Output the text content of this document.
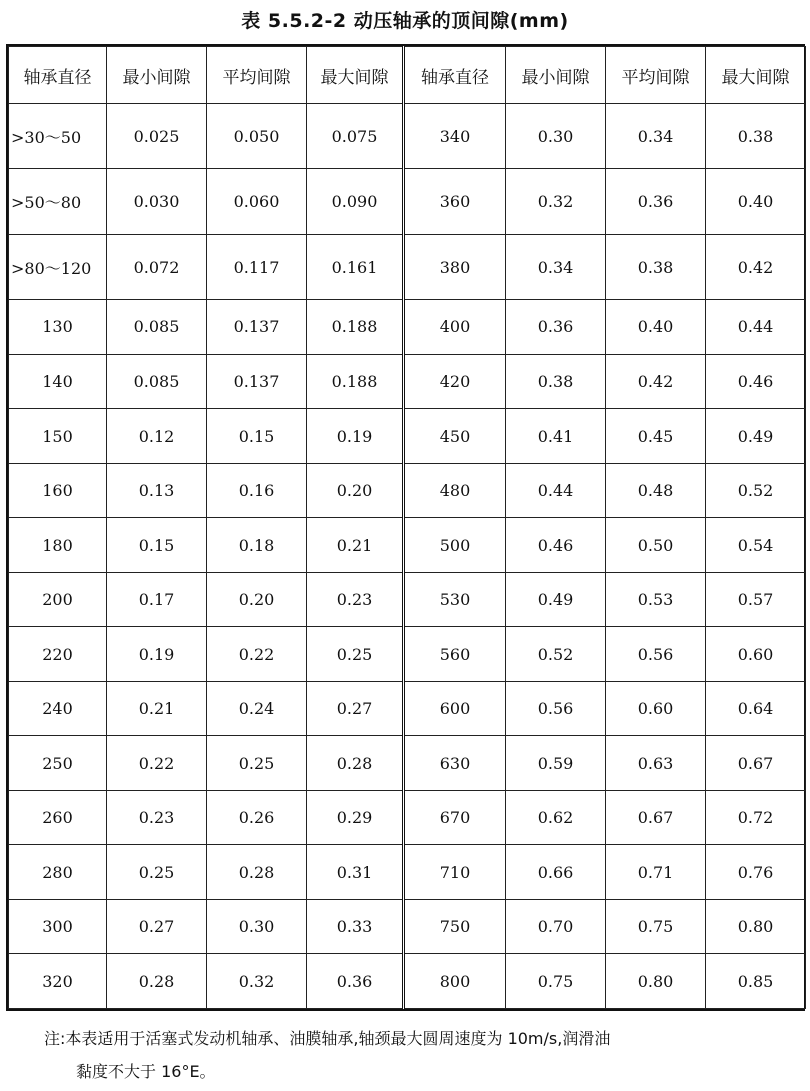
表 5.5.2-2 动压轴承的顶间隙(mm)
轴承直径	最小间隙	平均间隙	最大间隙	轴承直径	最小间隙	平均间隙	最大间隙
>30～50	0.025	0.050	0.075	340	0.30	0.34	0.38
>50～80	0.030	0.060	0.090	360	0.32	0.36	0.40
>80～120	0.072	0.117	0.161	380	0.34	0.38	0.42
130	0.085	0.137	0.188	400	0.36	0.40	0.44
140	0.085	0.137	0.188	420	0.38	0.42	0.46
150	0.12	0.15	0.19	450	0.41	0.45	0.49
160	0.13	0.16	0.20	480	0.44	0.48	0.52
180	0.15	0.18	0.21	500	0.46	0.50	0.54
200	0.17	0.20	0.23	530	0.49	0.53	0.57
220	0.19	0.22	0.25	560	0.52	0.56	0.60
240	0.21	0.24	0.27	600	0.56	0.60	0.64
250	0.22	0.25	0.28	630	0.59	0.63	0.67
260	0.23	0.26	0.29	670	0.62	0.67	0.72
280	0.25	0.28	0.31	710	0.66	0.71	0.76
300	0.27	0.30	0.33	750	0.70	0.75	0.80
320	0.28	0.32	0.36	800	0.75	0.80	0.85
注:本表适用于活塞式发动机轴承、油膜轴承,轴颈最大圆周速度为 10m/s,润滑油
黏度不大于 16°E。
